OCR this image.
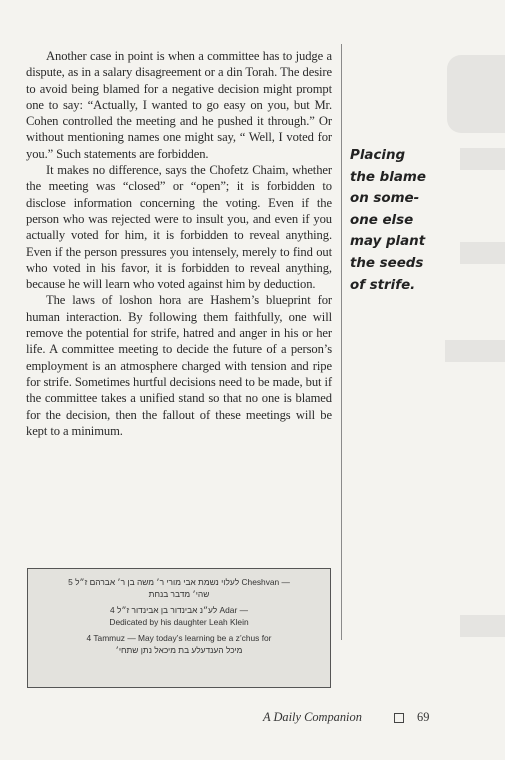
Another case in point is when a committee has to judge a dispute, as in a salary disagreement or a din Torah. The desire to avoid being blamed for a negative decision might prompt one to say: “Actually, I wanted to go easy on you, but Mr. Cohen controlled the meeting and he pushed it through.” Or without mentioning names one might say, “ Well, I voted for you.” Such statements are forbidden.

It makes no difference, says the Chofetz Chaim, whether the meeting was “closed” or “open”; it is forbidden to disclose information concerning the voting. Even if the person who was rejected were to insult you, and even if you actually voted for him, it is forbidden to reveal anything. Even if the person pressures you intensely, merely to find out who voted in his favor, it is forbidden to reveal anything, because he will learn who voted against him by deduction.

The laws of loshon hora are Hashem’s blueprint for human interaction. By following them faithfully, one will remove the potential for strife, hatred and anger in his or her life. A committee meeting to decide the future of a person’s employment is an atmosphere charged with tension and ripe for strife. Sometimes hurtful decisions need to be made, but if the committee takes a unified stand so that no one is blamed for the decision, then the fallout of these meetings will be kept to a minimum.

Placing
the blame
on some-
one else
may plant
the seeds
of strife.
לעלוי נשמת אבי מורי ר׳ משה בן ר׳ אברהם ז״ל 5 Cheshvan —
שהי׳ מדבר בנחת
לע״נ אבינדור בן אבינדור ז״ל 4 Adar —
Dedicated by his daughter Leah Klein
4 Tammuz — May today’s learning be a z’chus for
מיכל הענדעלע בת מיכאל נתן שתחי׳
A Daily Companion	69
